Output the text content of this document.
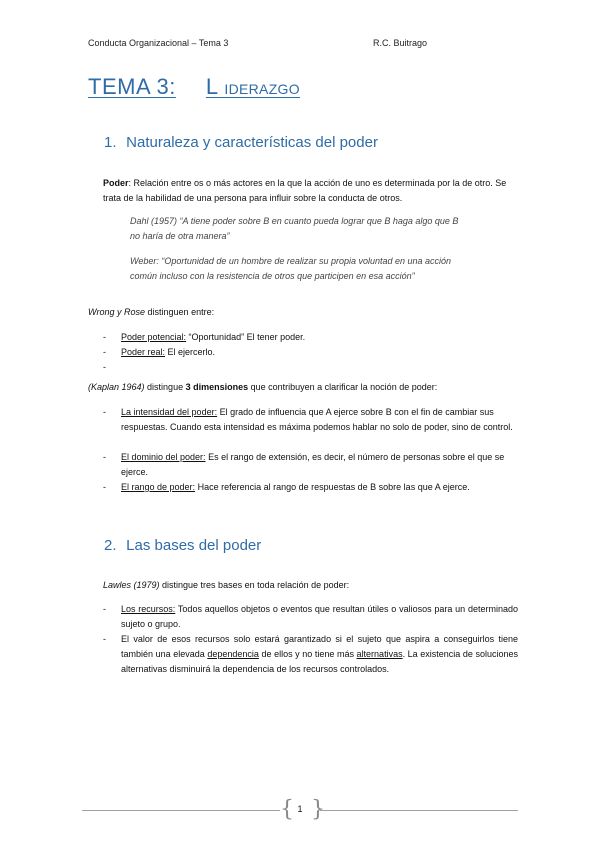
Conducta Organizacional – Tema 3	R.C. Buitrago
TEMA 3: L IDERAZGO
1. Naturaleza y características del poder
Poder: Relación entre os o más actores en la que la acción de uno es determinada por la de otro. Se trata de la habilidad de una persona para influir sobre la conducta de otros.
Dahl (1957) “A tiene poder sobre B en cuanto pueda lograr que B haga algo que B no haría de otra manera”
Weber: “Oportunidad de un hombre de realizar su propia voluntad en una acción común incluso con la resistencia de otros que participen en esa acción”
Wrong y Rose distinguen entre:
- Poder potencial: “Oportunidad” El tener poder.
- Poder real: El ejercerlo.
-
(Kaplan 1964) distingue 3 dimensiones que contribuyen a clarificar la noción de poder:
- La intensidad del poder: El grado de influencia que A ejerce sobre B con el fin de cambiar sus respuestas. Cuando esta intensidad es máxima podemos hablar no solo de poder, sino de control.
- El dominio del poder: Es el rango de extensión, es decir, el número de personas sobre el que se ejerce.
- El rango de poder: Hace referencia al rango de respuestas de B sobre las que A ejerce.
2. Las bases del poder
Lawles (1979) distingue tres bases en toda relación de poder:
- Los recursos: Todos aquellos objetos o eventos que resultan útiles o valiosos para un determinado sujeto o grupo.
- El valor de esos recursos solo estará garantizado si el sujeto que aspira a conseguirlos tiene también una elevada dependencia de ellos y no tiene más alternativas. La existencia de soluciones alternativas disminuirá la dependencia de los recursos controlados.
{ }
1
